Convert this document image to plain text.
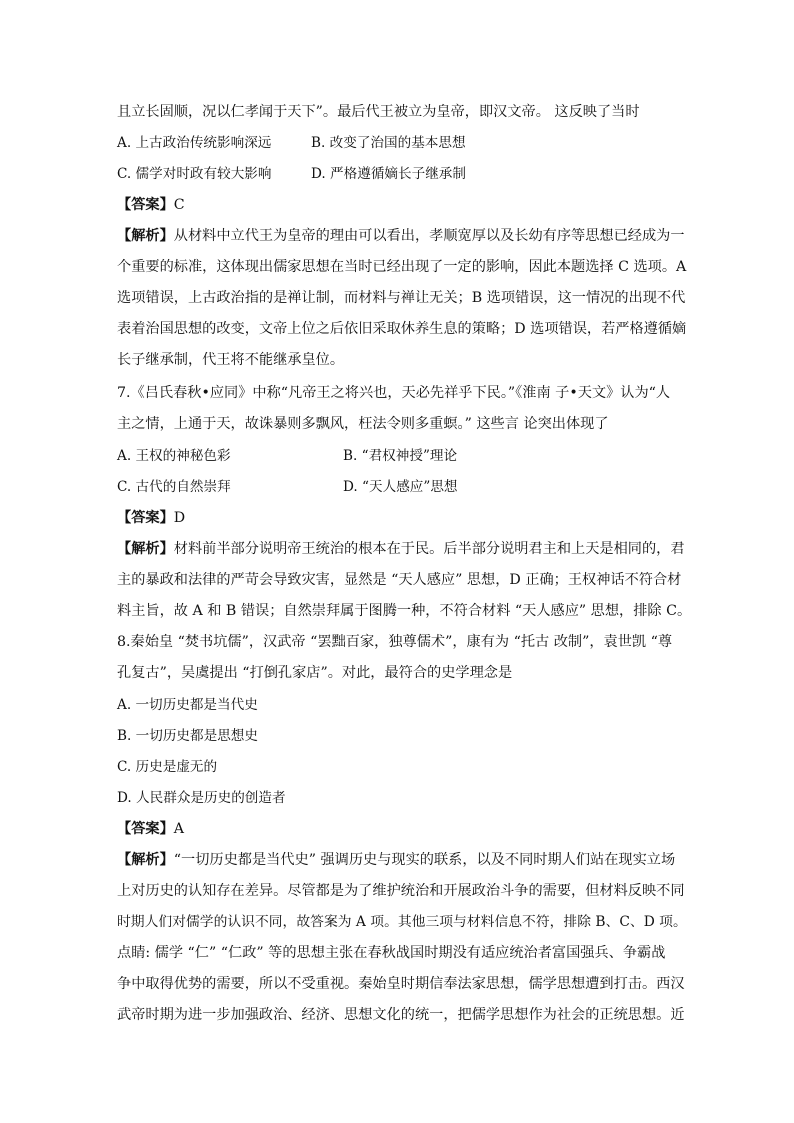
且立长固顺，况以仁孝闻于天下”。最后代王被立为皇帝，即汉文帝。 这反映了当时
A. 上古政治传统影响深远	B. 改变了治国的基本思想
C. 儒学对时政有较大影响	D. 严格遵循嫡长子继承制
【答案】C
【解析】从材料中立代王为皇帝的理由可以看出，孝顺宽厚以及长幼有序等思想已经成为一
个重要的标准，这体现出儒家思想在当时已经出现了一定的影响，因此本题选择 C 选项。A
选项错误，上古政治指的是禅让制，而材料与禅让无关；B 选项错误，这一情况的出现不代
表着治国思想的改变，文帝上位之后依旧采取休养生息的策略；D 选项错误，若严格遵循嫡
长子继承制，代王将不能继承皇位。
7.《吕氏春秋•应同》中称“凡帝王之将兴也，天必先祥乎下民。”《淮南 子•天文》认为“人
主之情，上通于天，故诛暴则多飘风，枉法令则多重螟。” 这些言 论突出体现了
A. 王权的神秘色彩	B. “君权神授”理论
C. 古代的自然崇拜	D. “天人感应”思想
【答案】D
【解析】材料前半部分说明帝王统治的根本在于民。后半部分说明君主和上天是相同的，君
主的暴政和法律的严苛会导致灾害，显然是 “天人感应” 思想，D 正确；王权神话不符合材
料主旨，故 A 和 B 错误；自然崇拜属于图腾一种，不符合材料 “天人感应” 思想，排除 C。
8.秦始皇 “焚书坑儒”，汉武帝 “罢黜百家，独尊儒术”，康有为 “托古 改制”，袁世凯 “尊
孔复古”，吴虞提出 “打倒孔家店”。对此，最符合的史学理念是
A. 一切历史都是当代史
B. 一切历史都是思想史
C. 历史是虚无的
D. 人民群众是历史的创造者
【答案】A
【解析】“一切历史都是当代史” 强调历史与现实的联系，以及不同时期人们站在现实立场
上对历史的认知存在差异。尽管都是为了维护统治和开展政治斗争的需要，但材料反映不同
时期人们对儒学的认识不同，故答案为 A 项。其他三项与材料信息不符，排除 B、C、D 项。
点睛: 儒学 “仁” “仁政” 等的思想主张在春秋战国时期没有适应统治者富国强兵、争霸战
争中取得优势的需要，所以不受重视。秦始皇时期信奉法家思想，儒学思想遭到打击。西汉
武帝时期为进一步加强政治、经济、思想文化的统一，把儒学思想作为社会的正统思想。近
